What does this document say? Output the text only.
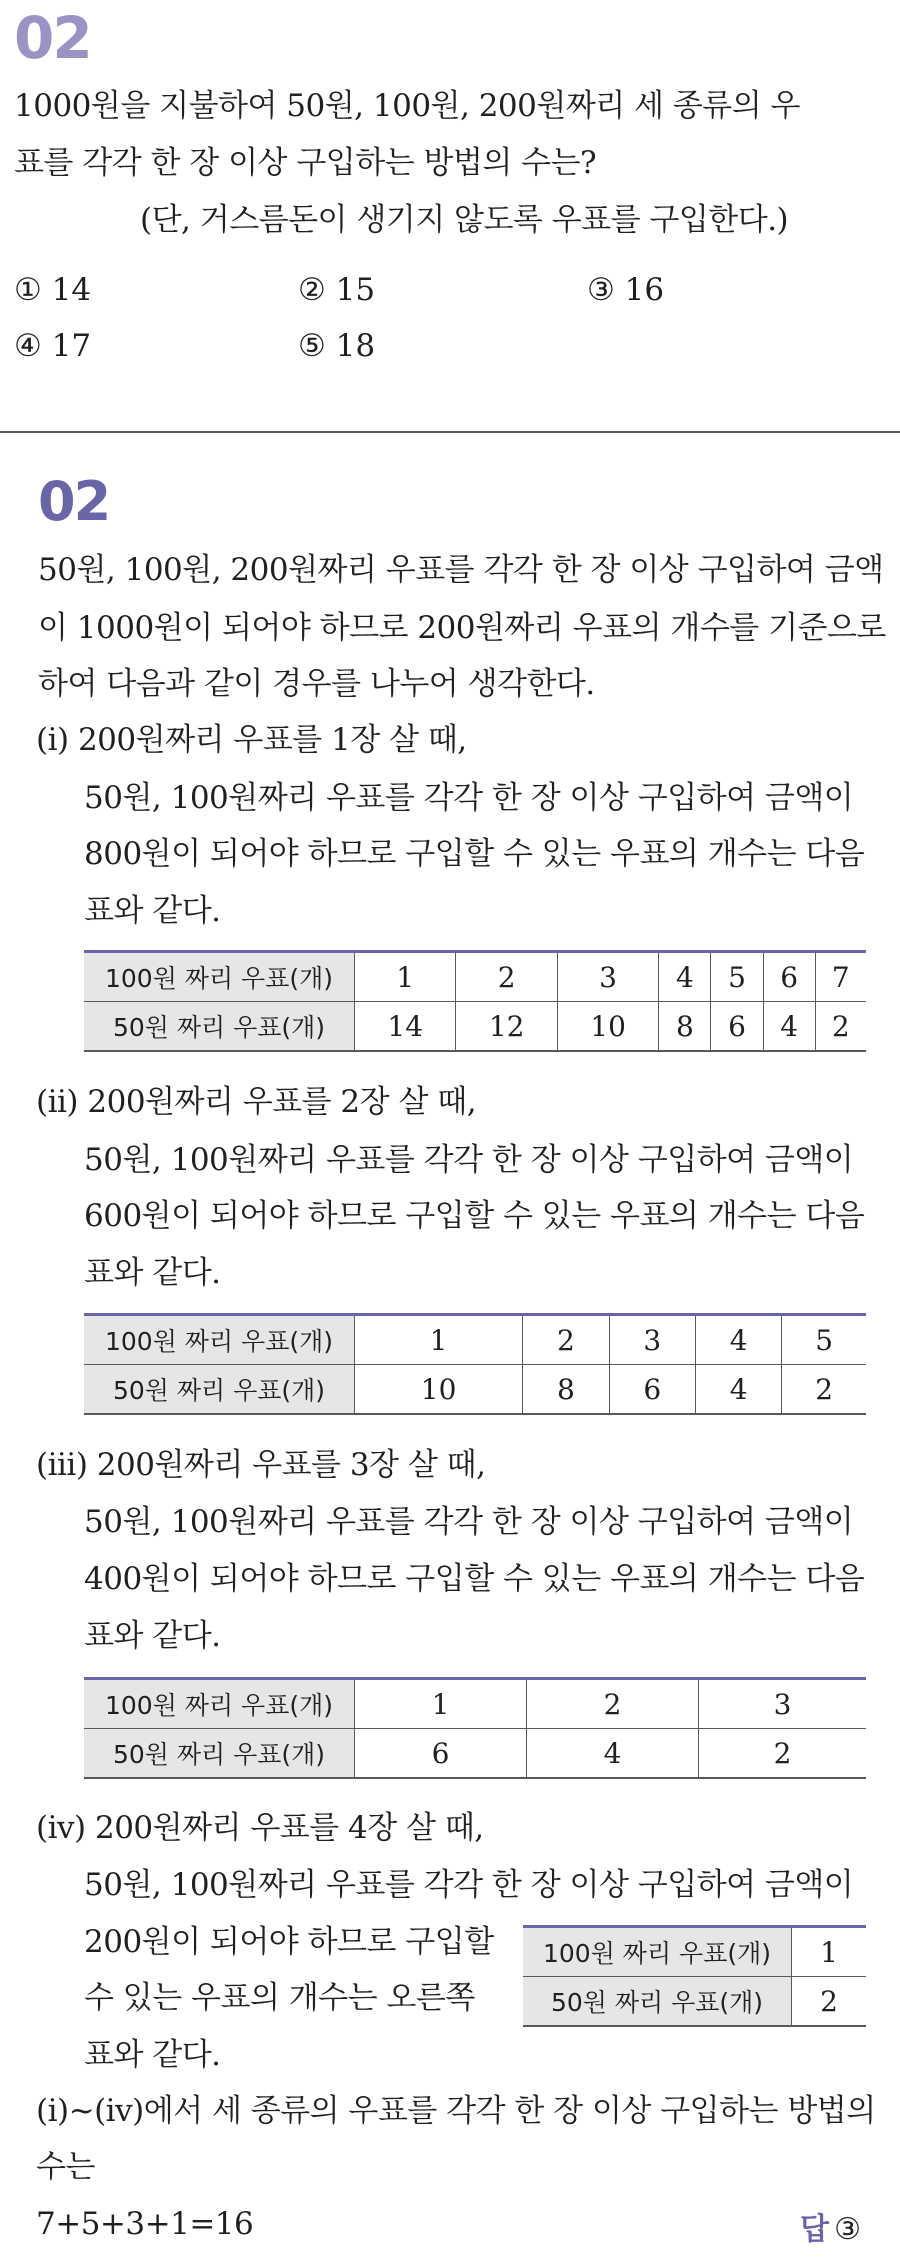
02
1000원을 지불하여 50원, 100원, 200원짜리 세 종류의 우
표를 각각 한 장 이상 구입하는 방법의 수는?
(단, 거스름돈이 생기지 않도록 우표를 구입한다.)
① 14	② 15	③ 16
④ 17	⑤ 18
02
50원, 100원, 200원짜리 우표를 각각 한 장 이상 구입하여 금액
이 1000원이 되어야 하므로 200원짜리 우표의 개수를 기준으로
하여 다음과 같이 경우를 나누어 생각한다.
(i) 200원짜리 우표를 1장 살 때,
50원, 100원짜리 우표를 각각 한 장 이상 구입하여 금액이
800원이 되어야 하므로 구입할 수 있는 우표의 개수는 다음
표와 같다.
100원 짜리 우표(개)	1	2	3	4	5	6	7
50원 짜리 우표(개)	14	12	10	8	6	4	2
(ii) 200원짜리 우표를 2장 살 때,
50원, 100원짜리 우표를 각각 한 장 이상 구입하여 금액이
600원이 되어야 하므로 구입할 수 있는 우표의 개수는 다음
표와 같다.
100원 짜리 우표(개)	1	2	3	4	5
50원 짜리 우표(개)	10	8	6	4	2
(iii) 200원짜리 우표를 3장 살 때,
50원, 100원짜리 우표를 각각 한 장 이상 구입하여 금액이
400원이 되어야 하므로 구입할 수 있는 우표의 개수는 다음
표와 같다.
100원 짜리 우표(개)	1	2	3
50원 짜리 우표(개)	6	4	2
(iv) 200원짜리 우표를 4장 살 때,
50원, 100원짜리 우표를 각각 한 장 이상 구입하여 금액이
200원이 되어야 하므로 구입할
수 있는 우표의 개수는 오른쪽
표와 같다.
100원 짜리 우표(개)	1
50원 짜리 우표(개)	2
(i)~(iv)에서 세 종류의 우표를 각각 한 장 이상 구입하는 방법의
수는
7+5+3+1=16	답 ③
